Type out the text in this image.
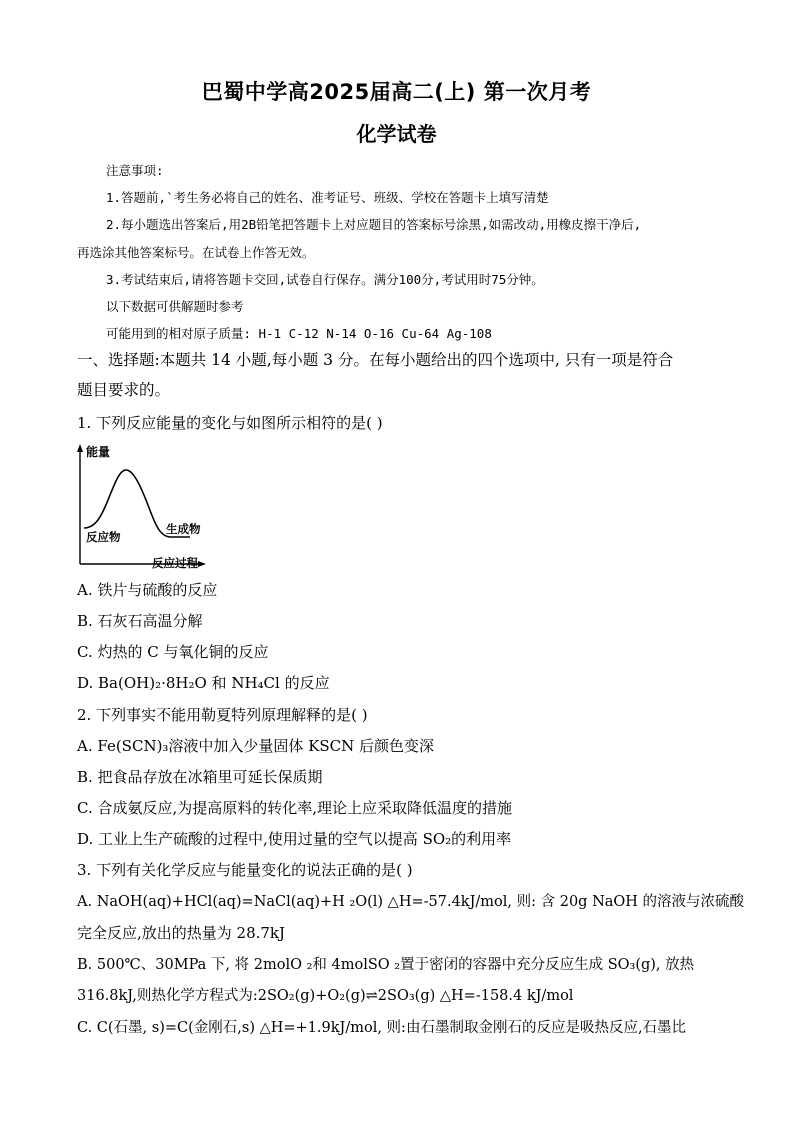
巴蜀中学高2025届高二(上) 第一次月考
化学试卷
注意事项:
1.答题前,`考生务必将自己的姓名、准考证号、班级、学校在答题卡上填写清楚
2.每小题选出答案后,用2B铅笔把答题卡上对应题目的答案标号涂黑,如需改动,用橡皮擦干净后,
再选涂其他答案标号。在试卷上作答无效。
3.考试结束后,请将答题卡交回,试卷自行保存。满分100分,考试用时75分钟。
以下数据可供解题时参考
可能用到的相对原子质量: H-1 C-12 N-14 O-16 Cu-64 Ag-108
一、选择题:本题共 14 小题,每小题 3 分。在每小题给出的四个选项中, 只有一项是符合
题目要求的。
1. 下列反应能量的变化与如图所示相符的是( )
能量
反应物
生成物
反应过程
A. 铁片与硫酸的反应
B. 石灰石高温分解
C. 灼热的 C 与氧化铜的反应
D. Ba(OH)₂·8H₂O 和 NH₄Cl 的反应
2. 下列事实不能用勒夏特列原理解释的是( )
A. Fe(SCN)₃溶液中加入少量固体 KSCN 后颜色变深
B. 把食品存放在冰箱里可延长保质期
C. 合成氨反应,为提高原料的转化率,理论上应采取降低温度的措施
D. 工业上生产硫酸的过程中,使用过量的空气以提高 SO₂的利用率
3. 下列有关化学反应与能量变化的说法正确的是( )
A. NaOH(aq)+HCl(aq)=NaCl(aq)+H ₂O(l) △H=-57.4kJ/mol, 则: 含 20g NaOH 的溶液与浓硫酸
完全反应,放出的热量为 28.7kJ
B. 500℃、30MPa 下, 将 2molO ₂和 4molSO ₂置于密闭的容器中充分反应生成 SO₃(g), 放热
316.8kJ,则热化学方程式为:2SO₂(g)+O₂(g)⇌2SO₃(g) △H=-158.4 kJ/mol
C. C(石墨, s)=C(金刚石,s) △H=+1.9kJ/mol, 则:由石墨制取金刚石的反应是吸热反应,石墨比
